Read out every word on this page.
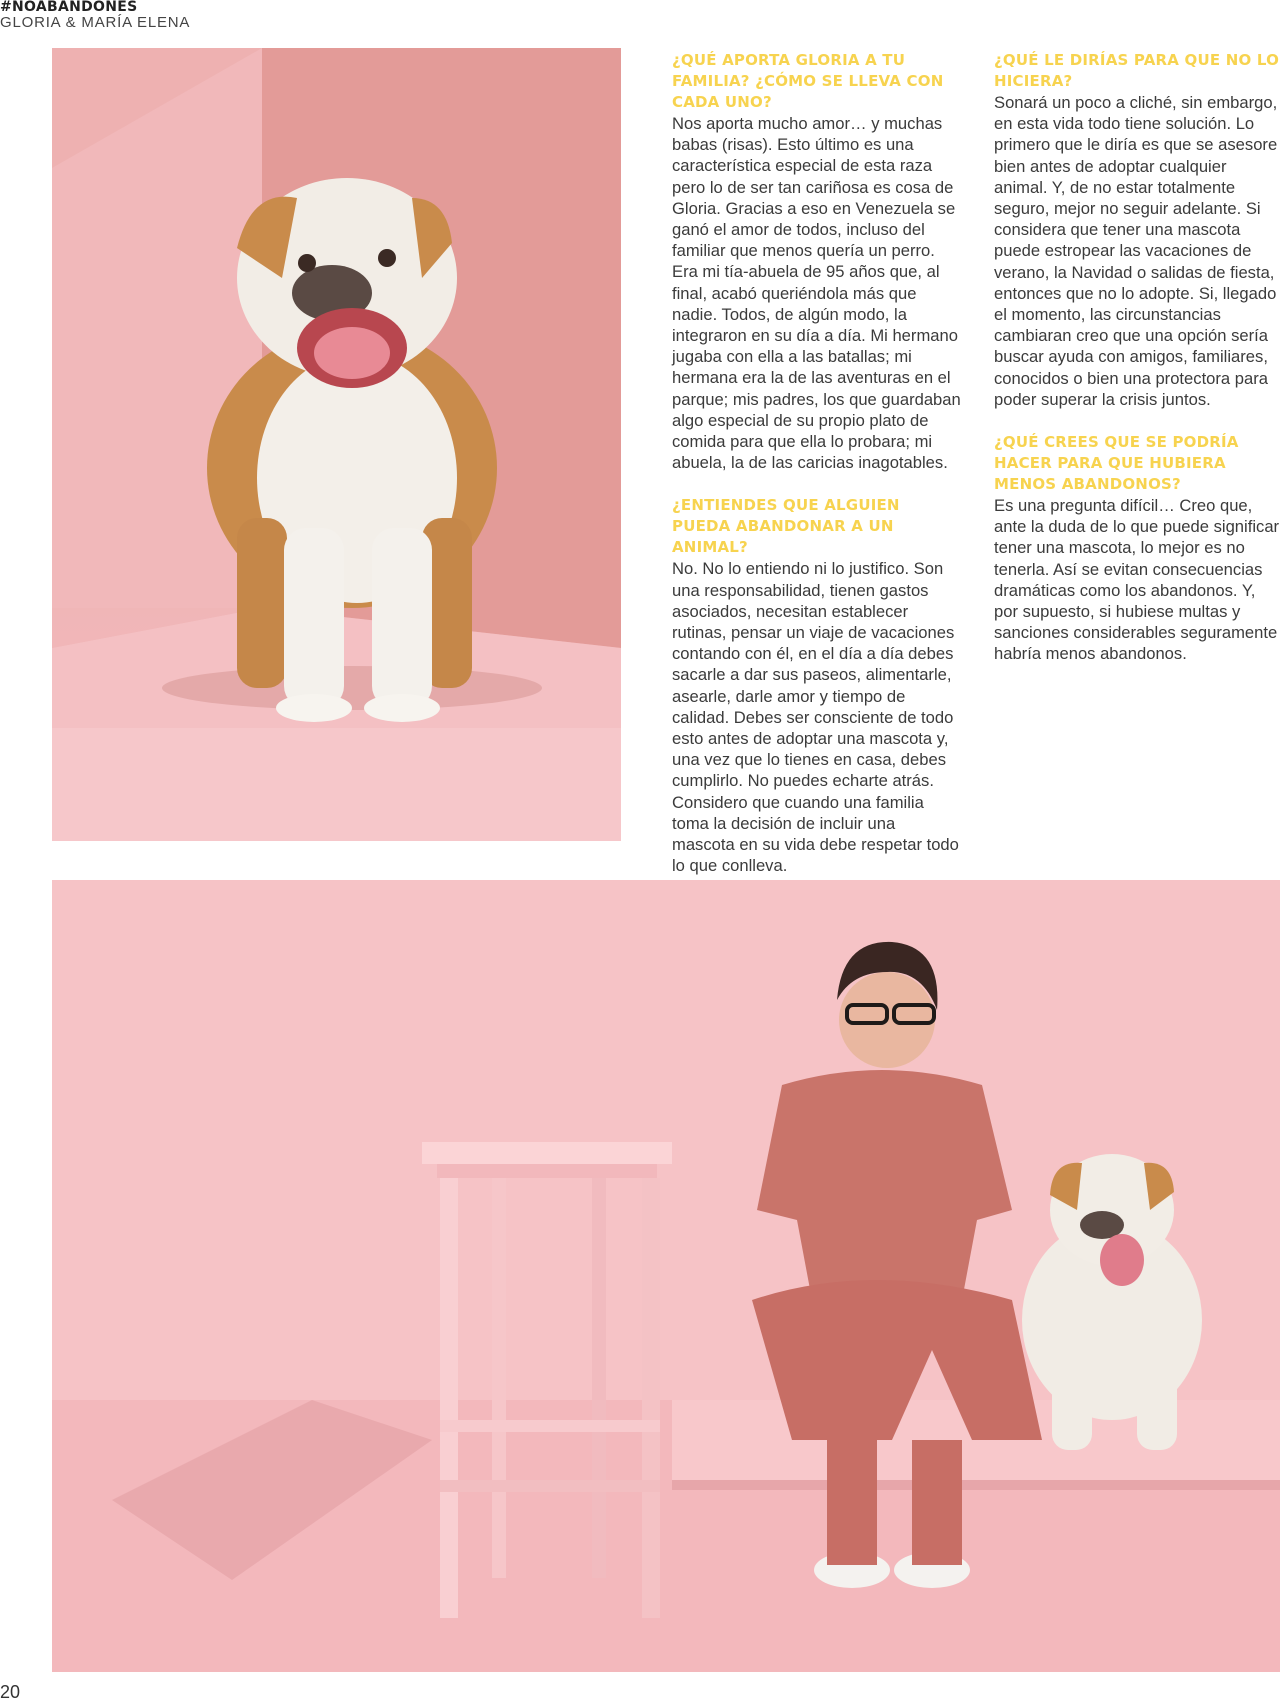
#NOABANDONES
GLORIA & MARÍA ELENA

¿QUÉ APORTA GLORIA A TU FAMILIA? ¿CÓMO SE LLEVA CON CADA UNO?

Nos aporta mucho amor… y muchas babas (risas). Esto último es una característica especial de esta raza pero lo de ser tan cariñosa es cosa de Gloria. Gracias a eso en Venezuela se ganó el amor de todos, incluso del familiar que menos quería un perro. Era mi tía-abuela de 95 años que, al final, acabó queriéndola más que nadie. Todos, de algún modo, la integraron en su día a día. Mi hermano jugaba con ella a las batallas; mi hermana era la de las aventuras en el parque; mis padres, los que guardaban algo especial de su propio plato de comida para que ella lo probara; mi abuela, la de las caricias inagotables.

¿ENTIENDES QUE ALGUIEN PUEDA ABANDONAR A UN ANIMAL?

No. No lo entiendo ni lo justifico. Son una responsabilidad, tienen gastos asociados, necesitan establecer rutinas, pensar un viaje de vacaciones contando con él, en el día a día debes sacarle a dar sus paseos, alimentarle, asearle, darle amor y tiempo de calidad. Debes ser consciente de todo esto antes de adoptar una mascota y, una vez que lo tienes en casa, debes cumplirlo. No puedes echarte atrás. Considero que cuando una familia toma la decisión de incluir una mascota en su vida debe respetar todo lo que conlleva.

¿QUÉ LE DIRÍAS PARA QUE NO LO HICIERA?

Sonará un poco a cliché, sin embargo, en esta vida todo tiene solución. Lo primero que le diría es que se asesore bien antes de adoptar cualquier animal. Y, de no estar totalmente seguro, mejor no seguir adelante. Si considera que tener una mascota puede estropear las vacaciones de verano, la Navidad o salidas de fiesta, entonces que no lo adopte. Si, llegado el momento, las circunstancias cambiaran creo que una opción sería buscar ayuda con amigos, familiares, conocidos o bien una protectora para poder superar la crisis juntos.

¿QUÉ CREES QUE SE PODRÍA HACER PARA QUE HUBIERA MENOS ABANDONOS?

Es una pregunta difícil… Creo que, ante la duda de lo que puede significar tener una mascota, lo mejor es no tenerla. Así se evitan consecuencias dramáticas como los abandonos. Y, por supuesto, si hubiese multas y sanciones considerables seguramente habría menos abandonos.

20
